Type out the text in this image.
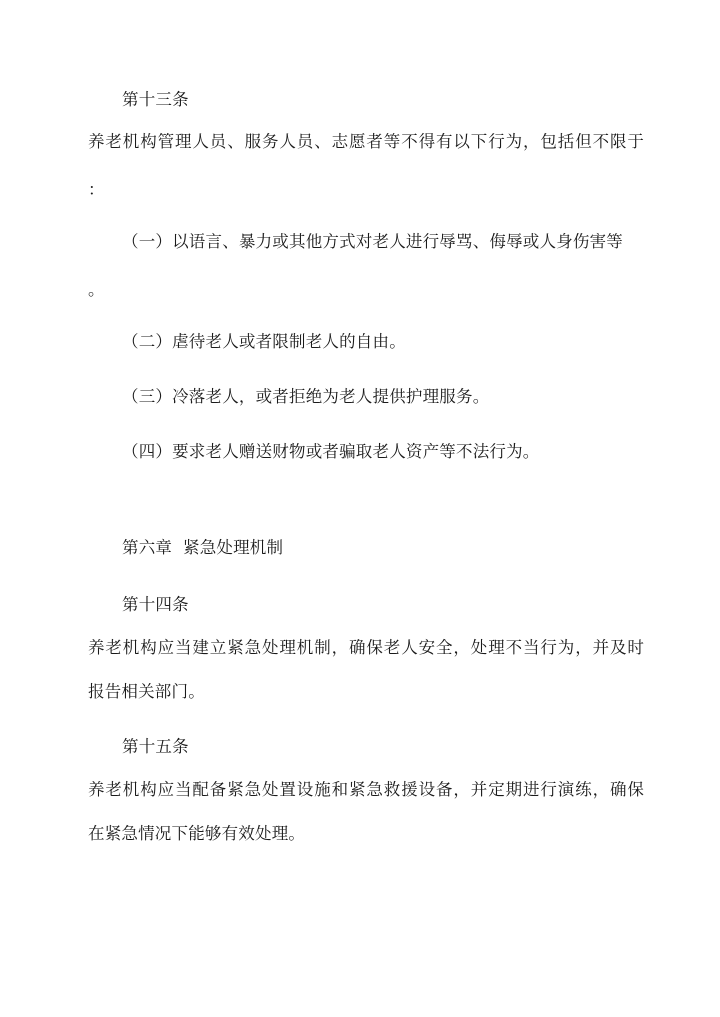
第十三条
养老机构管理人员、服务人员、志愿者等不得有以下行为，包括但不限于
：
（一）以语言、暴力或其他方式对老人进行辱骂、侮辱或人身伤害等
。
（二）虐待老人或者限制老人的自由。
（三）冷落老人，或者拒绝为老人提供护理服务。
（四）要求老人赠送财物或者骗取老人资产等不法行为。
第六章  紧急处理机制
第十四条
养老机构应当建立紧急处理机制，确保老人安全，处理不当行为，并及时
报告相关部门。
第十五条
养老机构应当配备紧急处置设施和紧急救援设备，并定期进行演练，确保
在紧急情况下能够有效处理。
